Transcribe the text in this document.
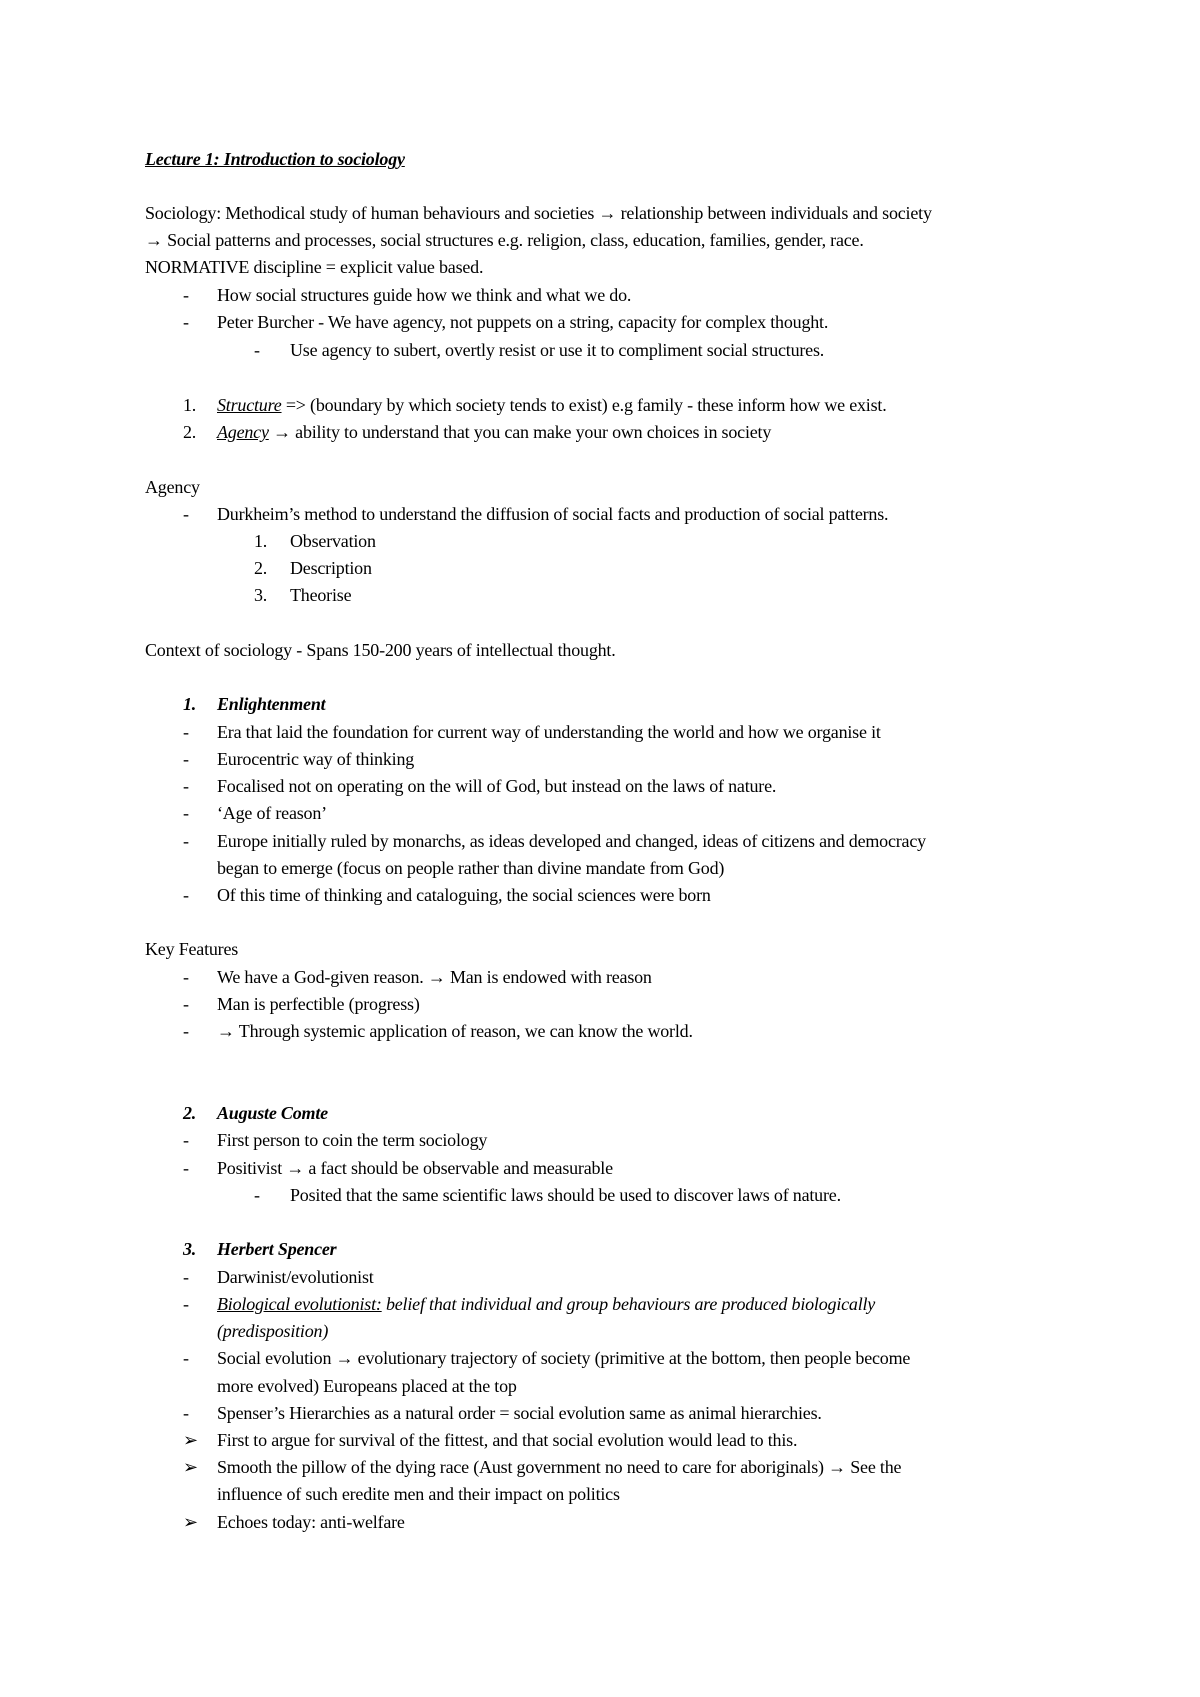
Lecture 1: Introduction to sociology
Sociology: Methodical study of human behaviours and societies → relationship between individuals and society
→ Social patterns and processes, social structures e.g. religion, class, education, families, gender, race.
NORMATIVE discipline = explicit value based.
- How social structures guide how we think and what we do.
- Peter Burcher - We have agency, not puppets on a string, capacity for complex thought.
- Use agency to subert, overtly resist or use it to compliment social structures.
1. Structure => (boundary by which society tends to exist) e.g family - these inform how we exist.
2. Agency → ability to understand that you can make your own choices in society
Agency
- Durkheim’s method to understand the diffusion of social facts and production of social patterns.
1. Observation
2. Description
3. Theorise
Context of sociology - Spans 150-200 years of intellectual thought.
1. Enlightenment
- Era that laid the foundation for current way of understanding the world and how we organise it
- Eurocentric way of thinking
- Focalised not on operating on the will of God, but instead on the laws of nature.
- ‘Age of reason’
- Europe initially ruled by monarchs, as ideas developed and changed, ideas of citizens and democracy
began to emerge (focus on people rather than divine mandate from God)
- Of this time of thinking and cataloguing, the social sciences were born
Key Features
- We have a God-given reason. → Man is endowed with reason
- Man is perfectible (progress)
- → Through systemic application of reason, we can know the world.
2. Auguste Comte
- First person to coin the term sociology
- Positivist → a fact should be observable and measurable
- Posited that the same scientific laws should be used to discover laws of nature.
3. Herbert Spencer
- Darwinist/evolutionist
- Biological evolutionist: belief that individual and group behaviours are produced biologically
(predisposition)
- Social evolution → evolutionary trajectory of society (primitive at the bottom, then people become
more evolved) Europeans placed at the top
- Spenser’s Hierarchies as a natural order = social evolution same as animal hierarchies.
➢ First to argue for survival of the fittest, and that social evolution would lead to this.
➢ Smooth the pillow of the dying race (Aust government no need to care for aboriginals) → See the
influence of such eredite men and their impact on politics
➢ Echoes today: anti-welfare
